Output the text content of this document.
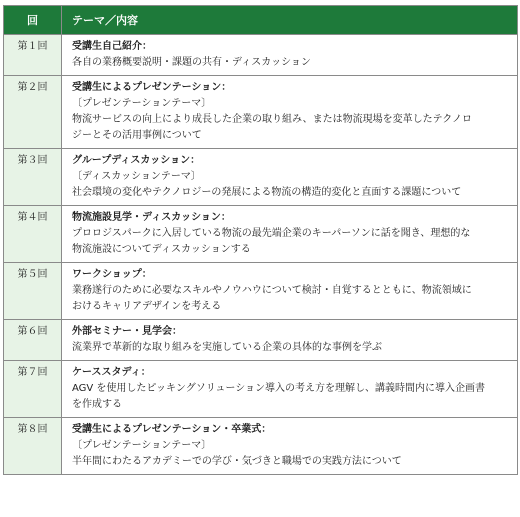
回	テーマ／内容
第１回	受講生自己紹介：
各自の業務概要説明・課題の共有・ディスカッション

第２回	受講生によるプレゼンテーション：
〔プレゼンテーションテーマ〕
物流サービスの向上により成長した企業の取り組み、または物流現場を変革したテクノロ
ジーとその活用事例について

第３回	グループディスカッション：
〔ディスカッションテーマ〕
社会環境の変化やテクノロジーの発展による物流の構造的変化と直面する課題について

第４回	物流施設見学・ディスカッション：
プロロジスパークに入居している物流の最先端企業のキーパーソンに話を聞き、理想的な
物流施設についてディスカッションする

第５回	ワークショップ：
業務遂行のために必要なスキルやノウハウについて検討・自覚するとともに、物流領域に
おけるキャリアデザインを考える

第６回	外部セミナー・見学会：
流業界で革新的な取り組みを実施している企業の具体的な事例を学ぶ

第７回	ケーススタディ：
AGV を使用したピッキングソリューション導入の考え方を理解し、講義時間内に導入企画書
を作成する

第８回	受講生によるプレゼンテーション・卒業式：
〔プレゼンテーションテーマ〕
半年間にわたるアカデミーでの学び・気づきと職場での実践方法について
